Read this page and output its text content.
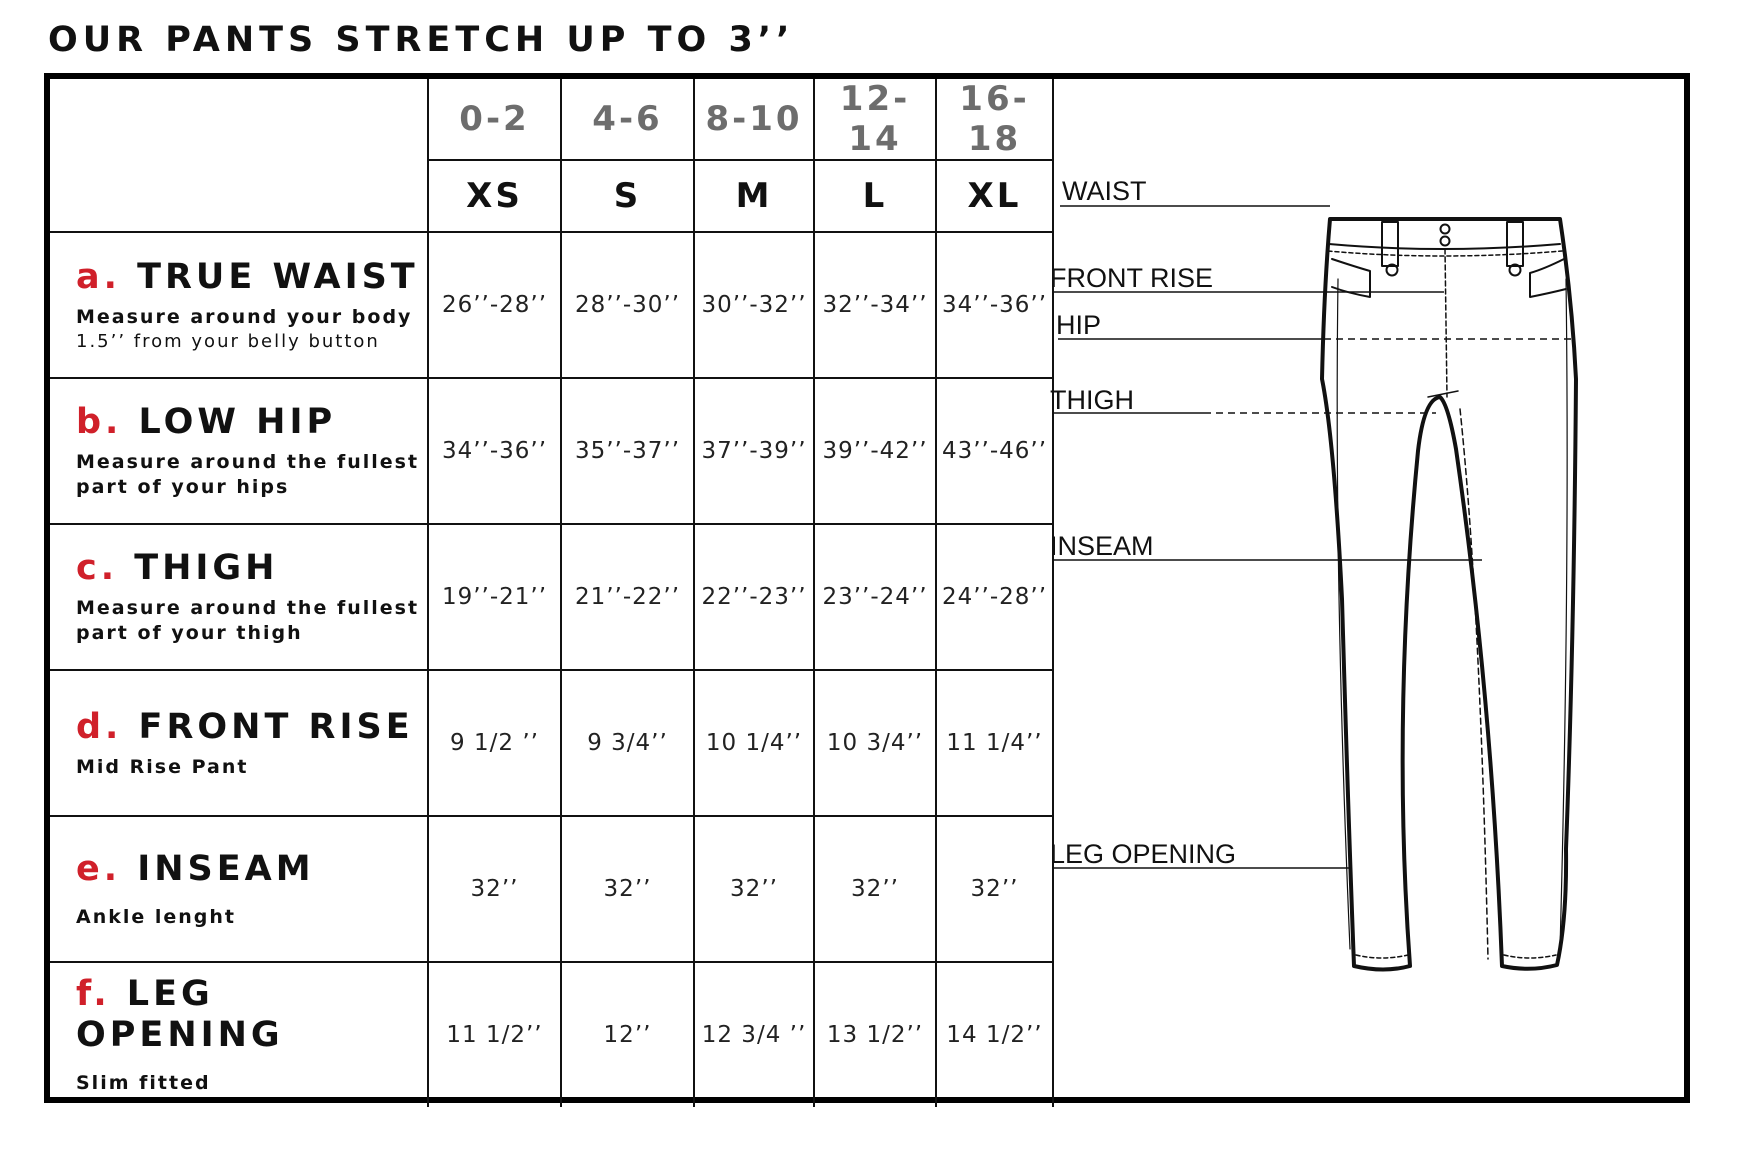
OUR PANTS STRETCH UP TO 3’’
	0-2	4-6	8-10	12-14	16-18
	XS	S	M	L	XL

a. TRUE WAIST
Measure around your body
1.5’’ from your belly button	26’’-28’’	28’’-30’’	30’’-32’’	32’’-34’’	34’’-36’’

b. LOW HIP
Measure around the fullest
part of your hips	34’’-36’’	35’’-37’’	37’’-39’’	39’’-42’’	43’’-46’’

c. THIGH
Measure around the fullest
part of your thigh	19’’-21’’	21’’-22’’	22’’-23’’	23’’-24’’	24’’-28’’

d. FRONT RISE
Mid Rise Pant	9 1/2 ’’	9 3/4’’	10 1/4’’	10 3/4’’	11 1/4’’

e. INSEAM
Ankle lenght	32’’	32’’	32’’	32’’	32’’

f. LEG OPENING
Slim fitted	11 1/2’’	12’’	12 3/4 ’’	13 1/2’’	14 1/2’’
WAIST
FRONT RISE
HIP
THIGH
INSEAM
LEG OPENING
